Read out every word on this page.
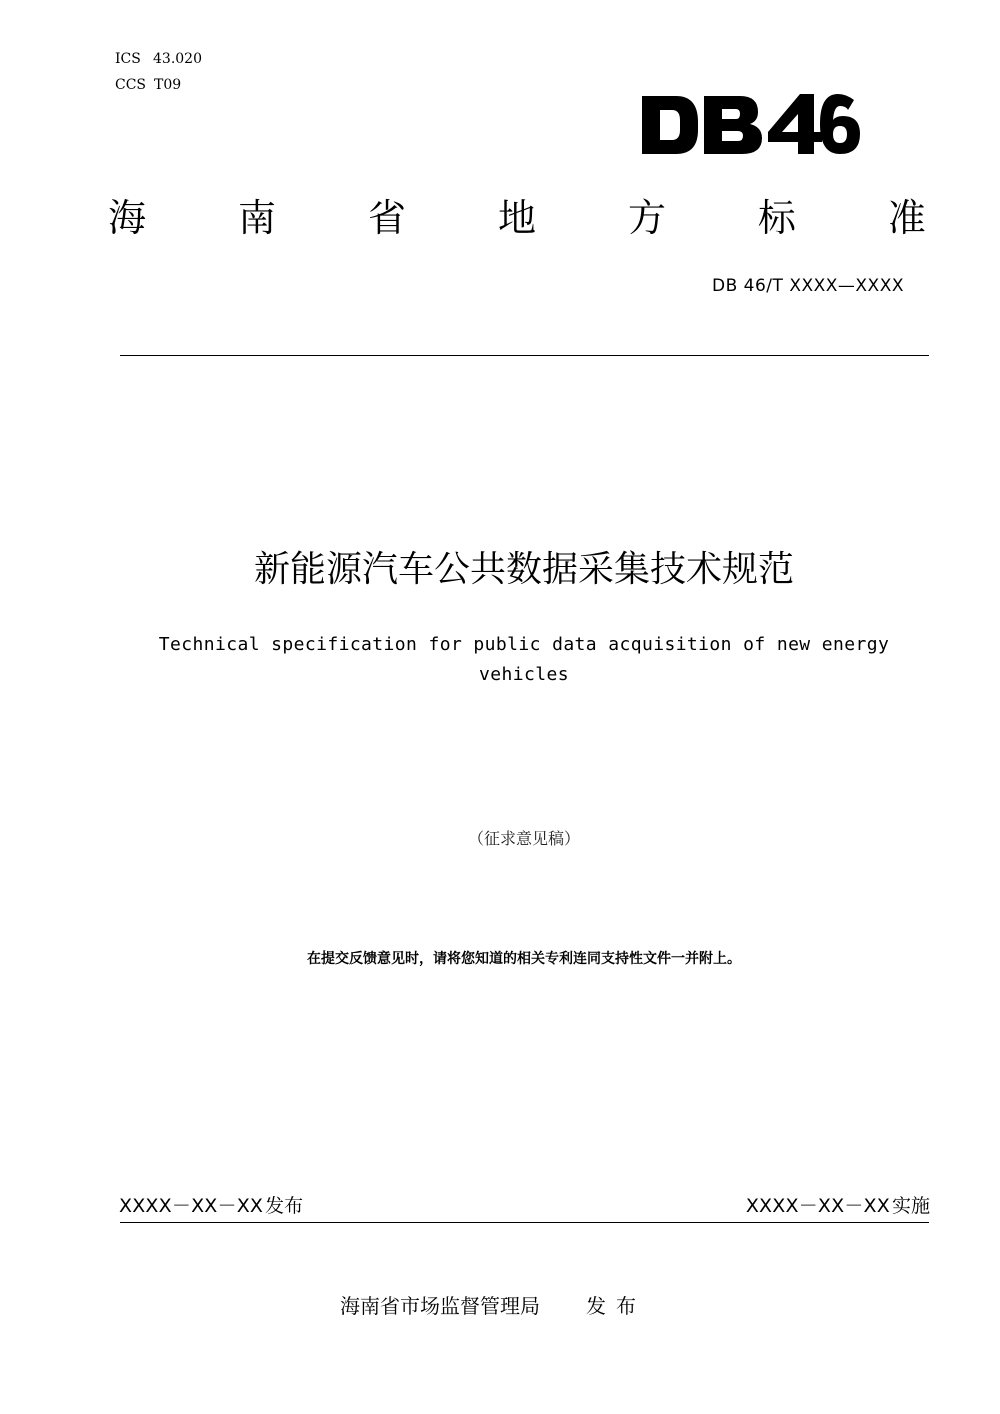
ICS 43.020
CCS T09
海 南 省 地 方 标 准
DB 46/T XXXX—XXXX
新能源汽车公共数据采集技术规范
Technical specification for public data acquisition of new energy vehicles
（征求意见稿）
在提交反馈意见时，请将您知道的相关专利连同支持性文件一并附上。
XXXX－XX－XX 发布	XXXX－XX－XX 实施
海南省市场监督管理局 发布
